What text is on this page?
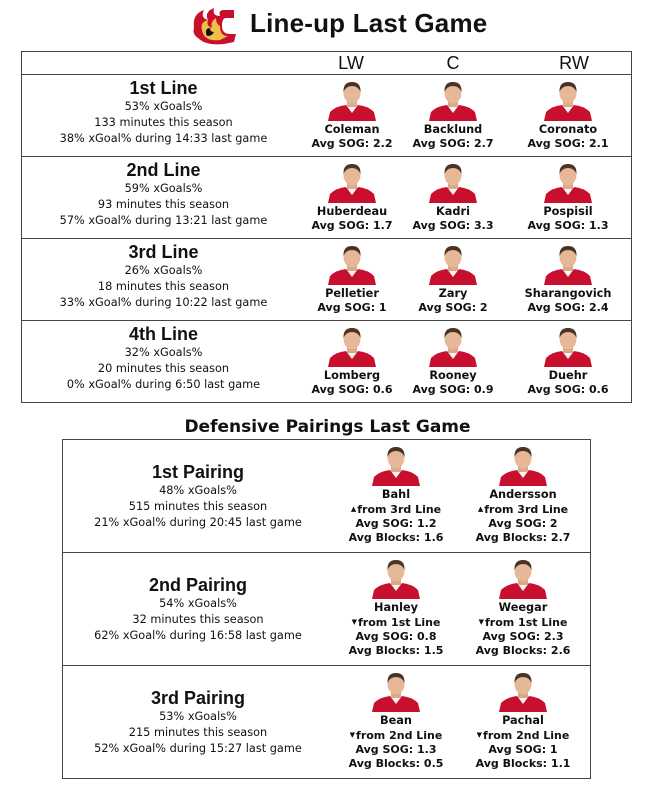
Line-up Last Game
LW	C	RW
1st Line
53% xGoals%
133 minutes this season
38% xGoal% during 14:33 last game
Coleman
Avg SOG: 2.2
Backlund
Avg SOG: 2.7
Coronato
Avg SOG: 2.1
2nd Line
59% xGoals%
93 minutes this season
57% xGoal% during 13:21 last game
Huberdeau
Avg SOG: 1.7
Kadri
Avg SOG: 3.3
Pospisil
Avg SOG: 1.3
3rd Line
26% xGoals%
18 minutes this season
33% xGoal% during 10:22 last game
Pelletier
Avg SOG: 1
Zary
Avg SOG: 2
Sharangovich
Avg SOG: 2.4
4th Line
32% xGoals%
20 minutes this season
0% xGoal% during 6:50 last game
Lomberg
Avg SOG: 0.6
Rooney
Avg SOG: 0.9
Duehr
Avg SOG: 0.6
Defensive Pairings Last Game
1st Pairing
48% xGoals%
515 minutes this season
21% xGoal% during 20:45 last game
Bahl
▲from 3rd Line
Avg SOG: 1.2
Avg Blocks: 1.6
Andersson
▲from 3rd Line
Avg SOG: 2
Avg Blocks: 2.7
2nd Pairing
54% xGoals%
32 minutes this season
62% xGoal% during 16:58 last game
Hanley
▼from 1st Line
Avg SOG: 0.8
Avg Blocks: 1.5
Weegar
▼from 1st Line
Avg SOG: 2.3
Avg Blocks: 2.6
3rd Pairing
53% xGoals%
215 minutes this season
52% xGoal% during 15:27 last game
Bean
▼from 2nd Line
Avg SOG: 1.3
Avg Blocks: 0.5
Pachal
▼from 2nd Line
Avg SOG: 1
Avg Blocks: 1.1
